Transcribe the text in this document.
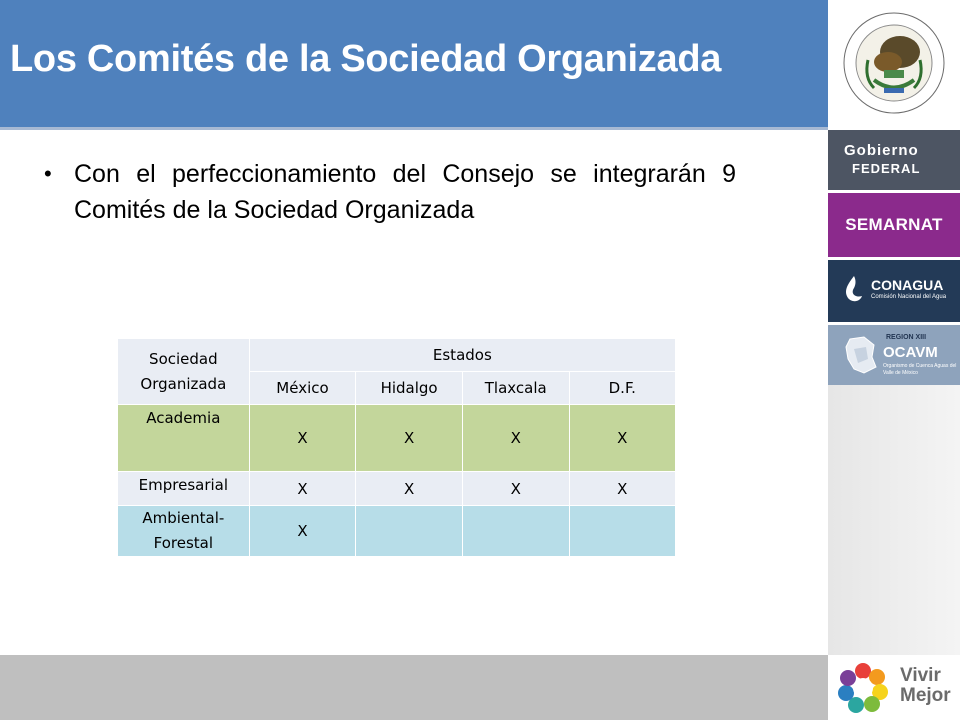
Los Comités de la Sociedad Organizada
Gobierno
FEDERAL
SEMARNAT
CONAGUA
Comisión Nacional del Agua
REGION XIII
OCAVM
Organismo de Cuenca Aguas del Valle de México
Vivir
Mejor
• Con el perfeccionamiento del Consejo se integrarán 9 Comités de la Sociedad Organizada
Sociedad Organizada	Estados			
	México	Hidalgo	Tlaxcala	D.F.
Academia	X	X	X	X
Empresarial	X	X	X	X
Ambiental-Forestal	X			
